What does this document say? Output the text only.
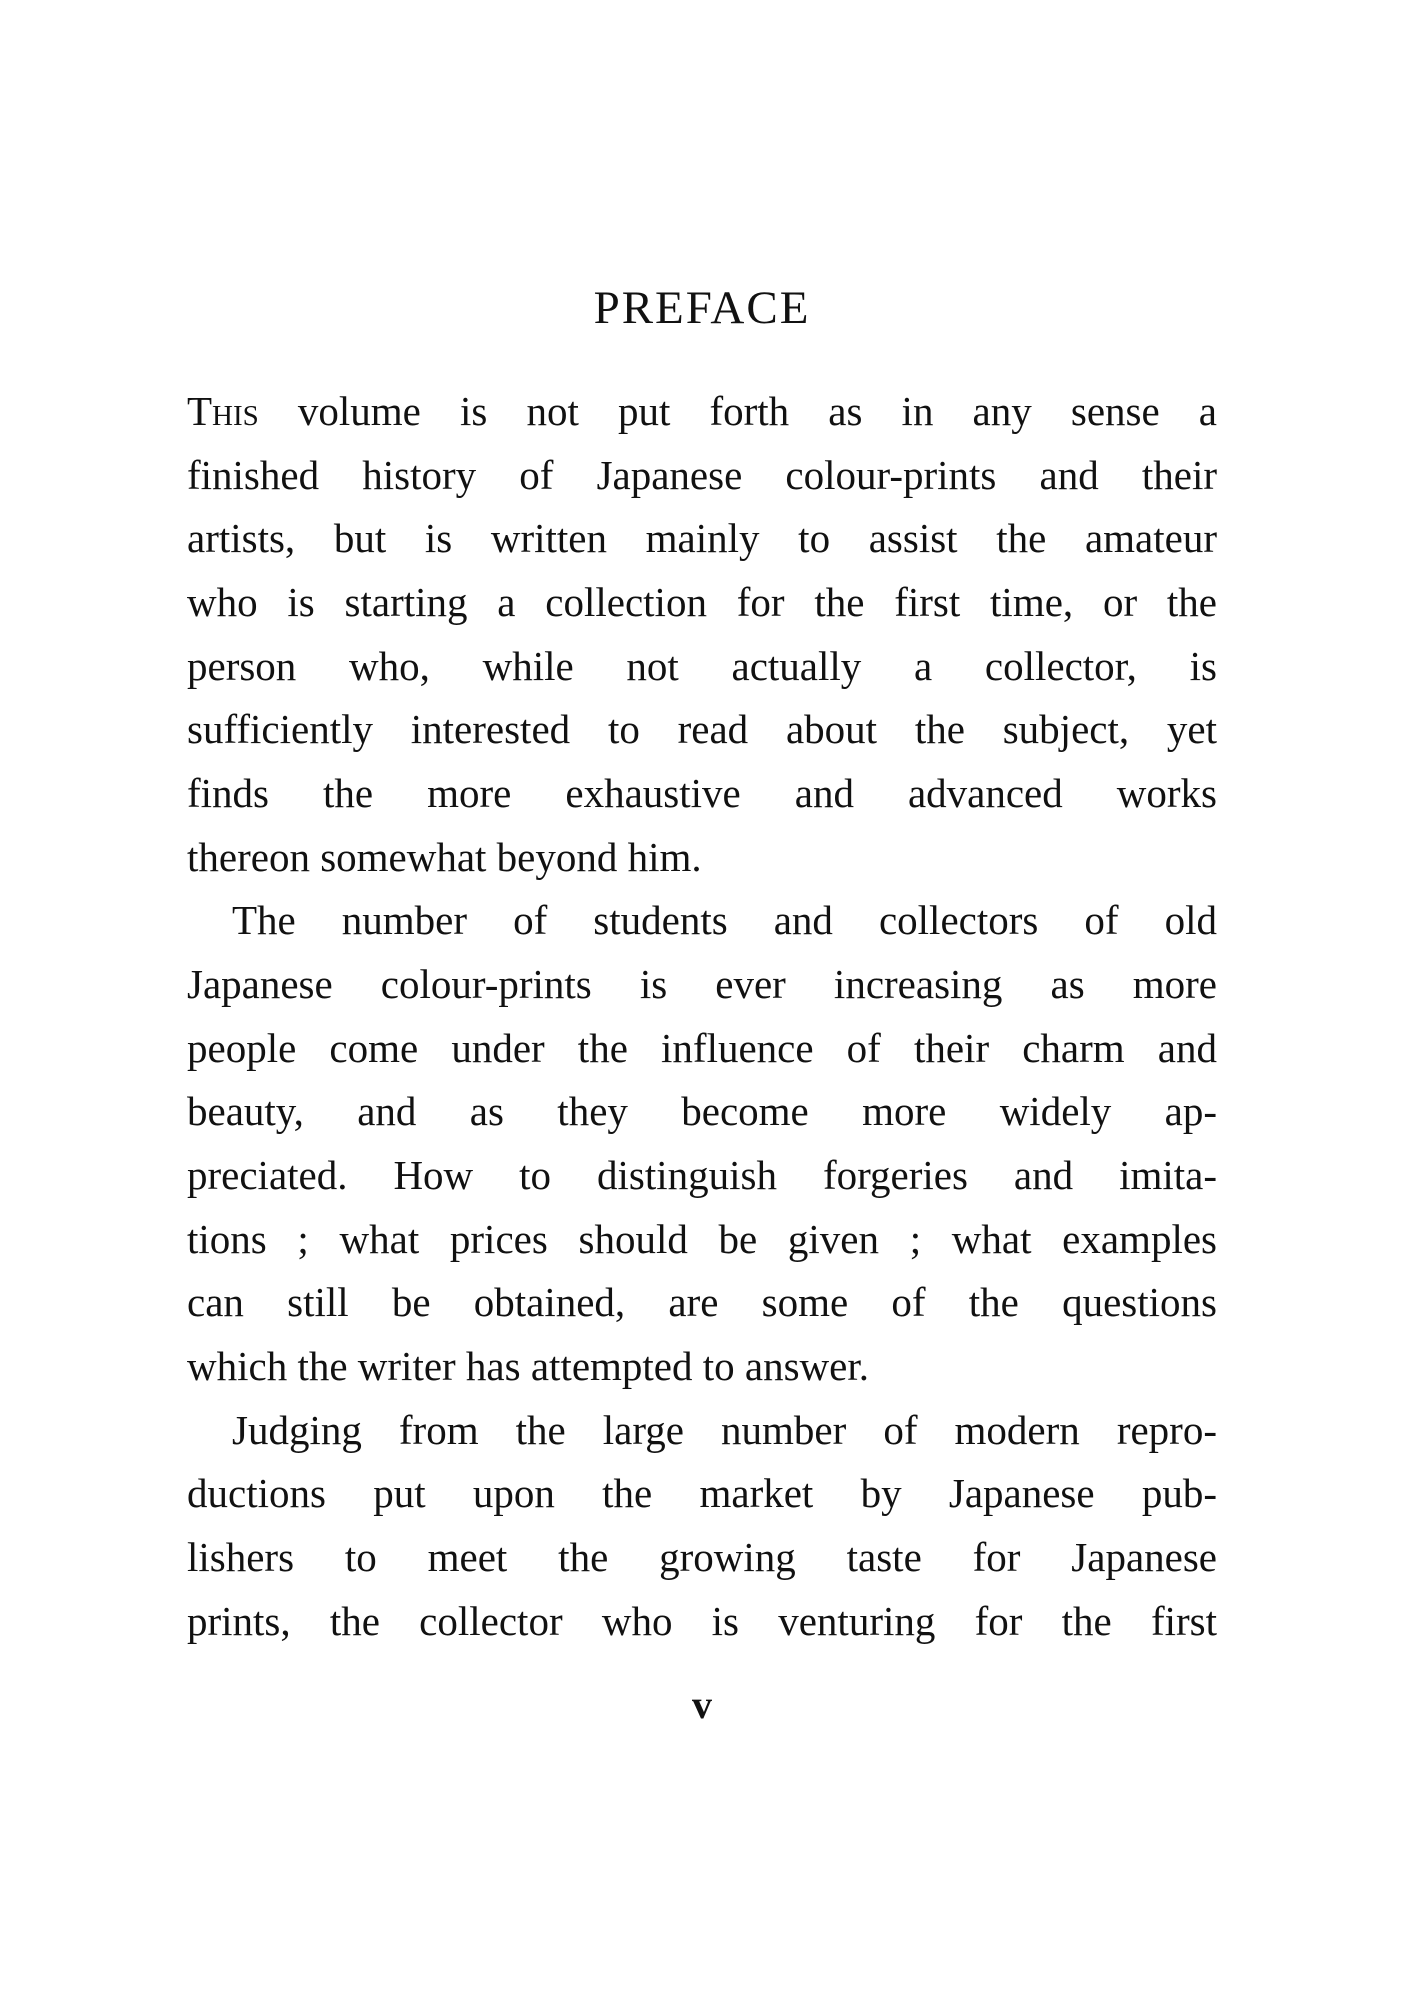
PREFACE
This volume is not put forth as in any sense a
finished history of Japanese colour-prints and their
artists, but is written mainly to assist the amateur
who is starting a collection for the first time, or the
person who, while not actually a collector, is
sufficiently interested to read about the subject, yet
finds the more exhaustive and advanced works
thereon somewhat beyond him.
The number of students and collectors of old
Japanese colour-prints is ever increasing as more
people come under the influence of their charm and
beauty, and as they become more widely ap-
preciated. How to distinguish forgeries and imita-
tions ; what prices should be given ; what examples
can still be obtained, are some of the questions
which the writer has attempted to answer.
Judging from the large number of modern repro-
ductions put upon the market by Japanese pub-
lishers to meet the growing taste for Japanese
prints, the collector who is venturing for the first
v
